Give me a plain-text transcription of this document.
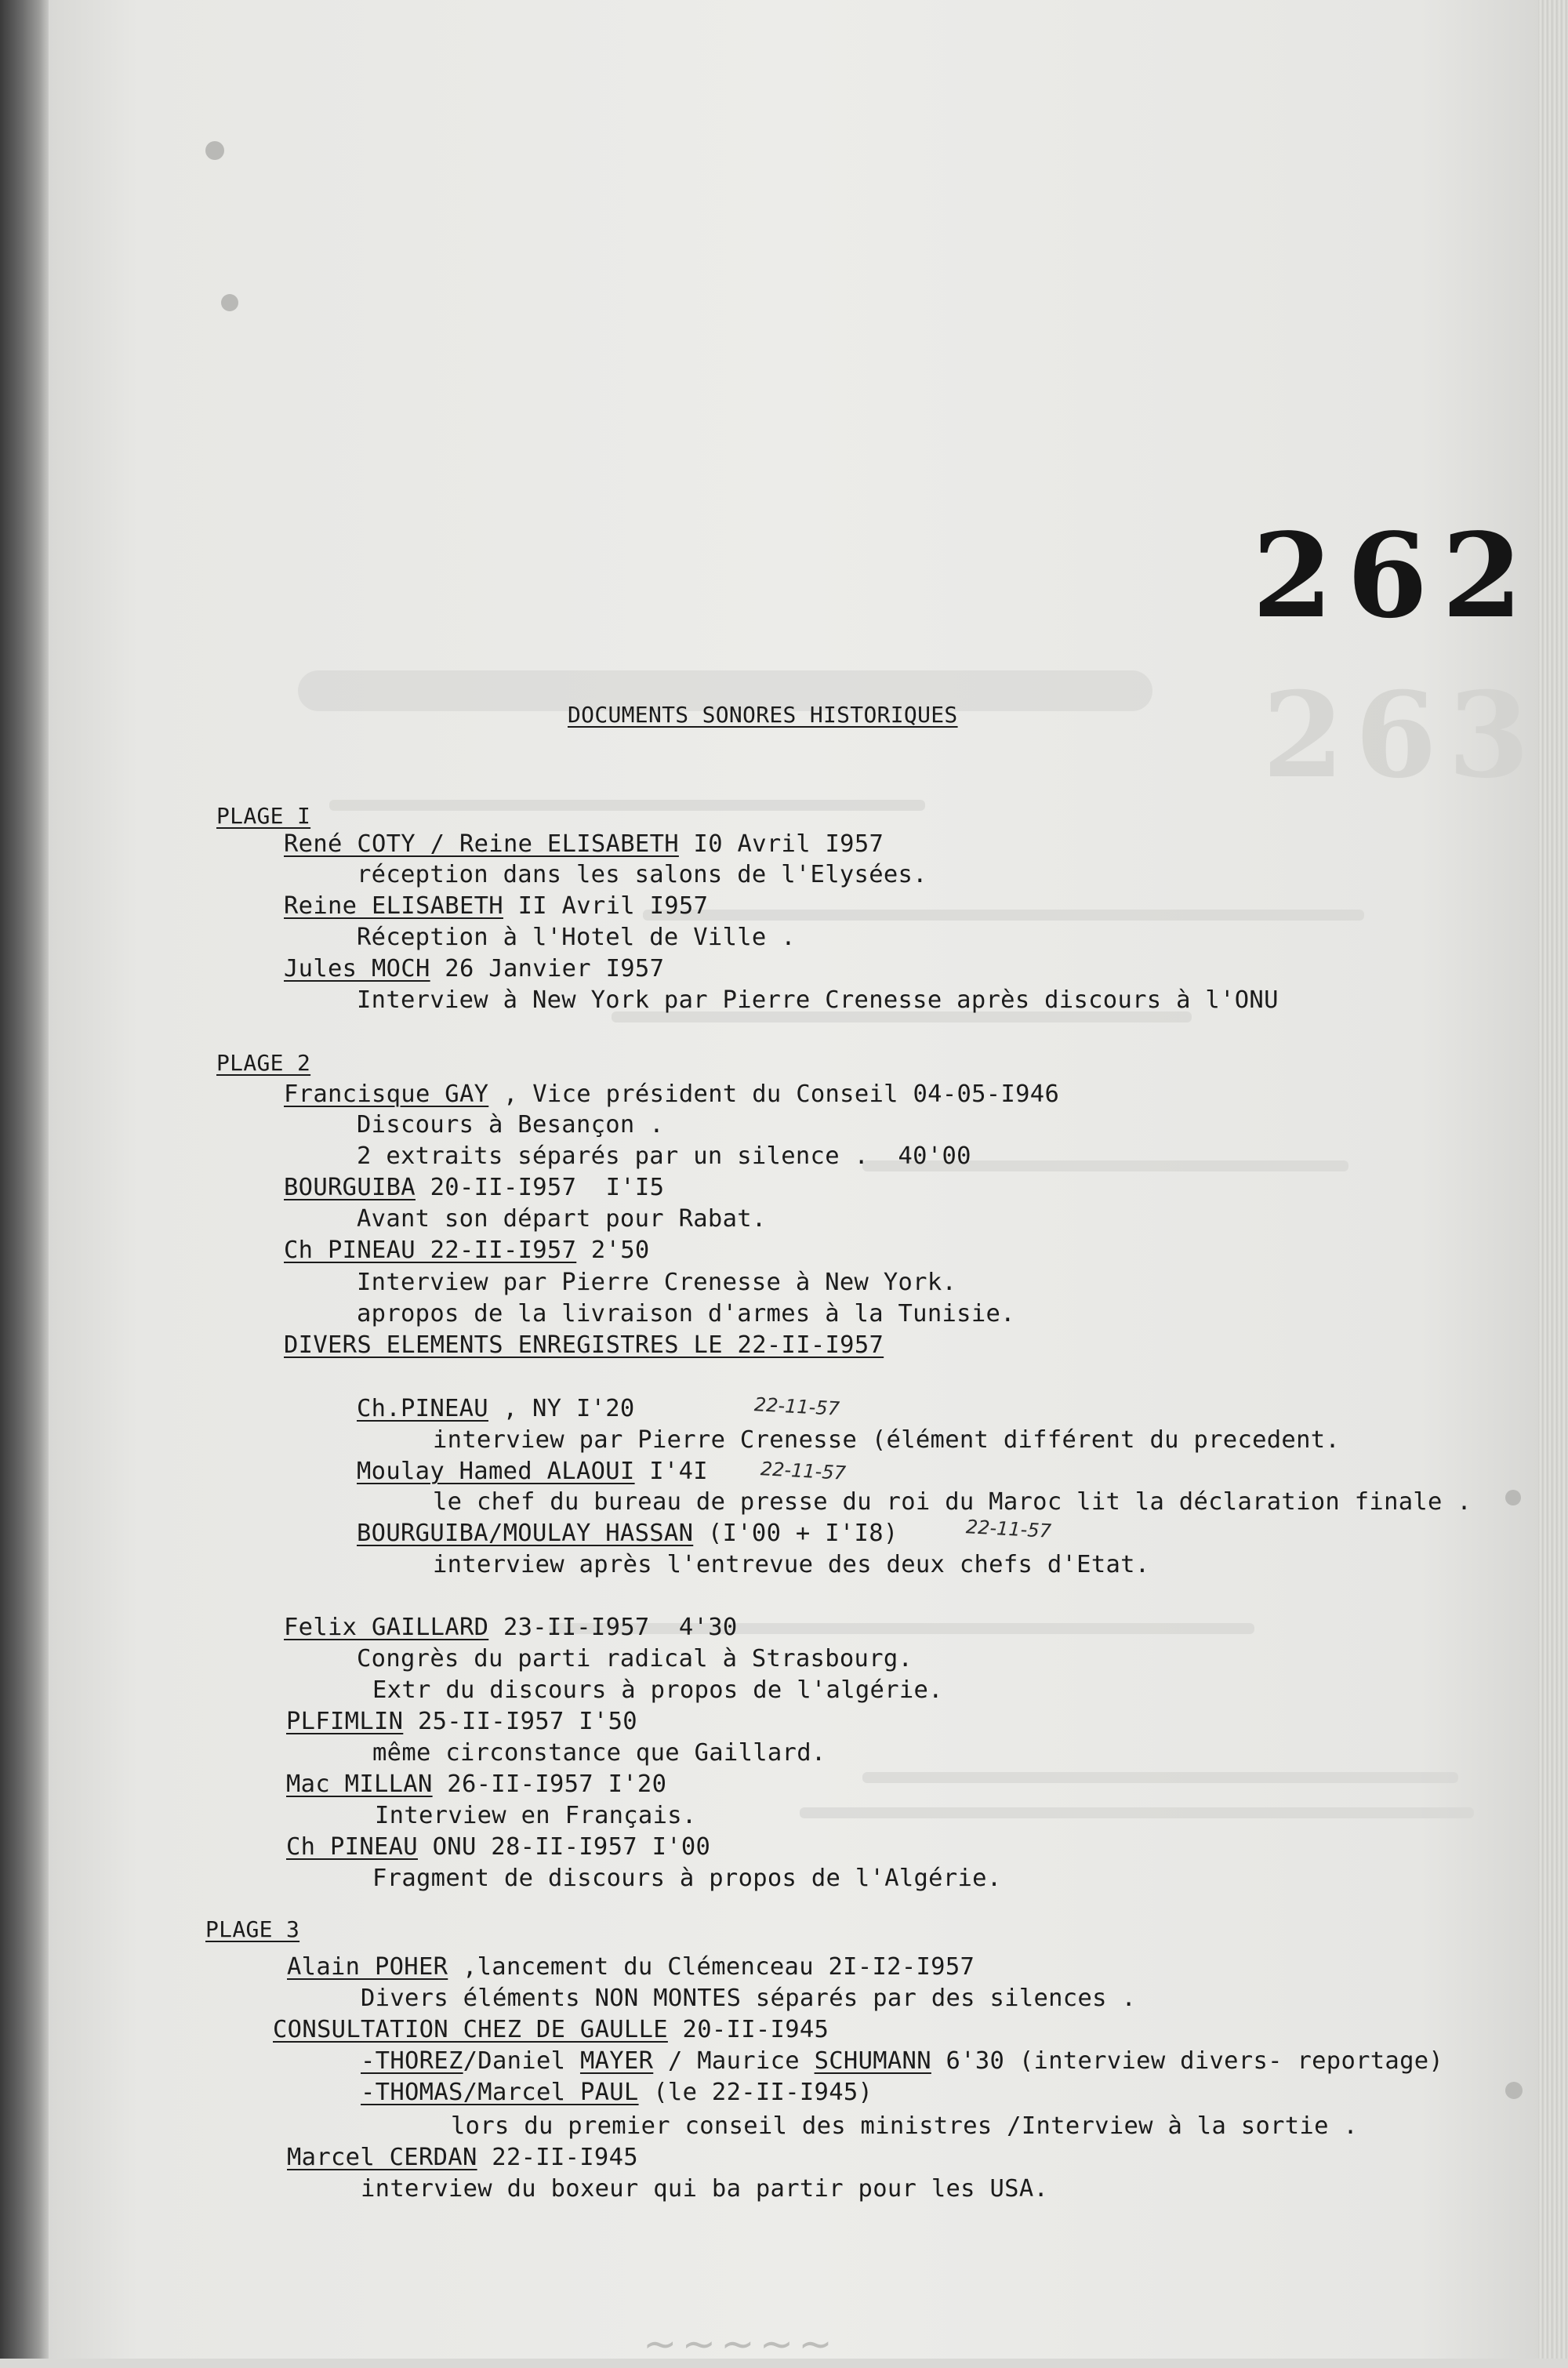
263
262
DOCUMENTS SONORES HISTORIQUES
PLAGE I
René COTY / Reine ELISABETH I0 Avril I957
réception dans les salons de l'Elysées.
Reine ELISABETH II Avril I957
Réception à l'Hotel de Ville .
Jules MOCH 26 Janvier I957
Interview à New York par Pierre Crenesse après discours à l'ONU
PLAGE 2
Francisque GAY , Vice président du Conseil 04-05-I946
Discours à Besançon .
2 extraits séparés par un silence .  40'00
BOURGUIBA 20-II-I957  I'I5
Avant son départ pour Rabat.
Ch PINEAU 22-II-I957 2'50
Interview par Pierre Crenesse à New York.
apropos de la livraison d'armes à la Tunisie.
DIVERS ELEMENTS ENREGISTRES LE 22-II-I957
Ch.PINEAU , NY I'20	22-11-57
interview par Pierre Crenesse (élément différent du precedent.
Moulay Hamed ALAOUI I'4I	22-11-57
le chef du bureau de presse du roi du Maroc lit la déclaration finale .
BOURGUIBA/MOULAY HASSAN (I'00 + I'I8)	22-11-57
interview après l'entrevue des deux chefs d'Etat.
Felix GAILLARD 23-II-I957  4'30
Congrès du parti radical à Strasbourg.
Extr du discours à propos de l'algérie.
PLFIMLIN 25-II-I957 I'50
même circonstance que Gaillard.
Mac MILLAN 26-II-I957 I'20
Interview en Français.
Ch PINEAU ONU 28-II-I957 I'00
Fragment de discours à propos de l'Algérie.
PLAGE 3
Alain POHER ,lancement du Clémenceau 2I-I2-I957
Divers éléments NON MONTES séparés par des silences .
CONSULTATION CHEZ DE GAULLE 20-II-I945
-THOREZ/Daniel MAYER / Maurice SCHUMANN 6'30 (interview divers- reportage)
-THOMAS/Marcel PAUL (le 22-II-I945)
lors du premier conseil des ministres /Interview à la sortie .
Marcel CERDAN 22-II-I945
interview du boxeur qui ba partir pour les USA.
~~~~~
